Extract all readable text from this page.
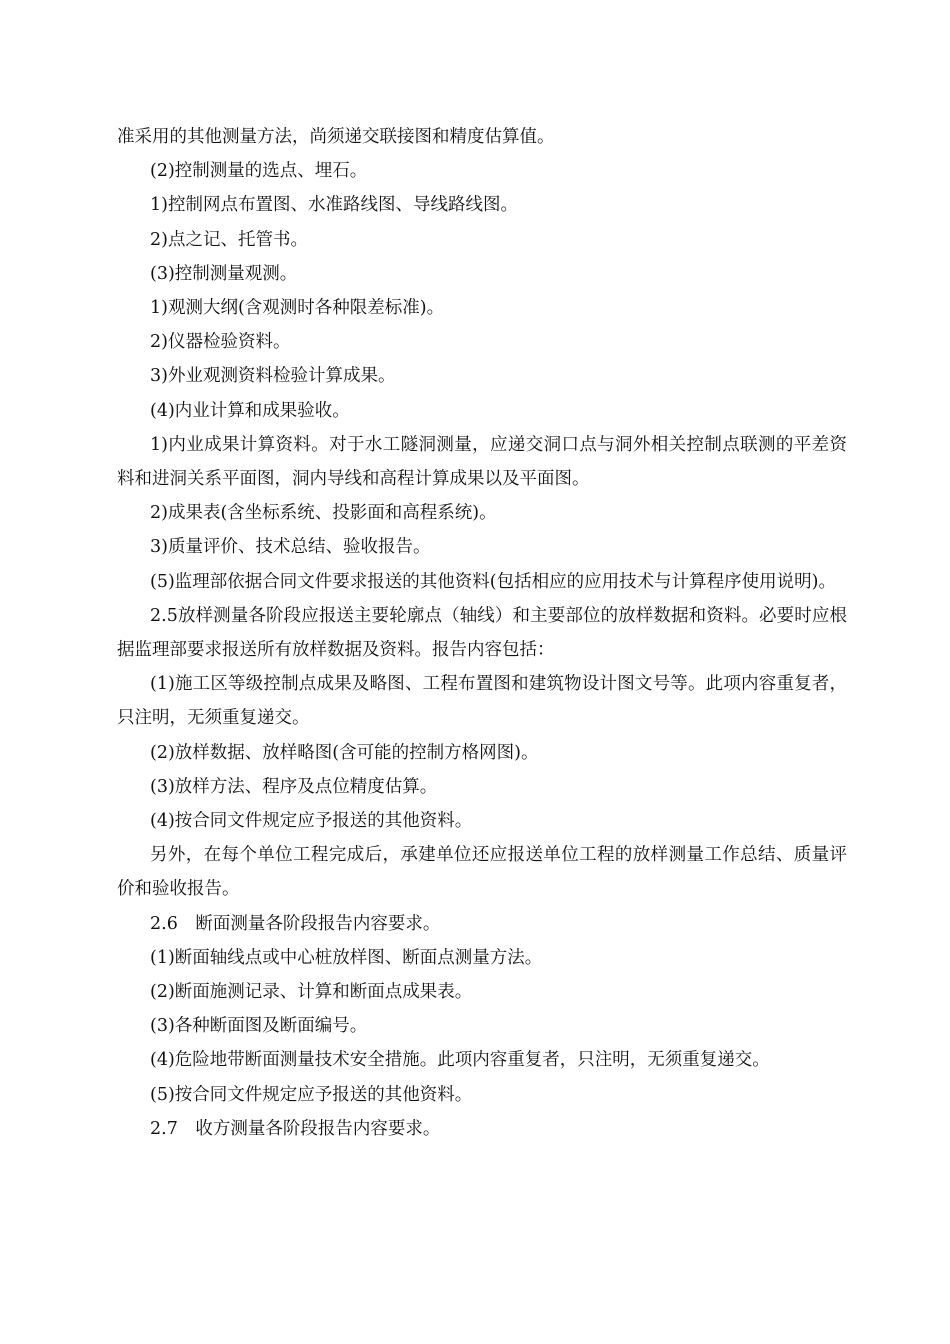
准采用的其他测量方法，尚须递交联接图和精度估算值。

(2)控制测量的选点、埋石。

1)控制网点布置图、水准路线图、导线路线图。

2)点之记、托管书。

(3)控制测量观测。

1)观测大纲(含观测时各种限差标准)。

2)仪器检验资料。

3)外业观测资料检验计算成果。

(4)内业计算和成果验收。

1)内业成果计算资料。对于水工隧洞测量，应递交洞口点与洞外相关控制点联测的平差资料和进洞关系平面图，洞内导线和高程计算成果以及平面图。

2)成果表(含坐标系统、投影面和高程系统)。

3)质量评价、技术总结、验收报告。

(5)监理部依据合同文件要求报送的其他资料(包括相应的应用技术与计算程序使用说明)。

2.5放样测量各阶段应报送主要轮廓点（轴线）和主要部位的放样数据和资料。必要时应根据监理部要求报送所有放样数据及资料。报告内容包括：

(1)施工区等级控制点成果及略图、工程布置图和建筑物设计图文号等。此项内容重复者，只注明，无须重复递交。

(2)放样数据、放样略图(含可能的控制方格网图)。

(3)放样方法、程序及点位精度估算。

(4)按合同文件规定应予报送的其他资料。

另外，在每个单位工程完成后，承建单位还应报送单位工程的放样测量工作总结、质量评价和验收报告。

2.6　断面测量各阶段报告内容要求。

(1)断面轴线点或中心桩放样图、断面点测量方法。

(2)断面施测记录、计算和断面点成果表。

(3)各种断面图及断面编号。

(4)危险地带断面测量技术安全措施。此项内容重复者，只注明，无须重复递交。

(5)按合同文件规定应予报送的其他资料。

2.7　收方测量各阶段报告内容要求。
